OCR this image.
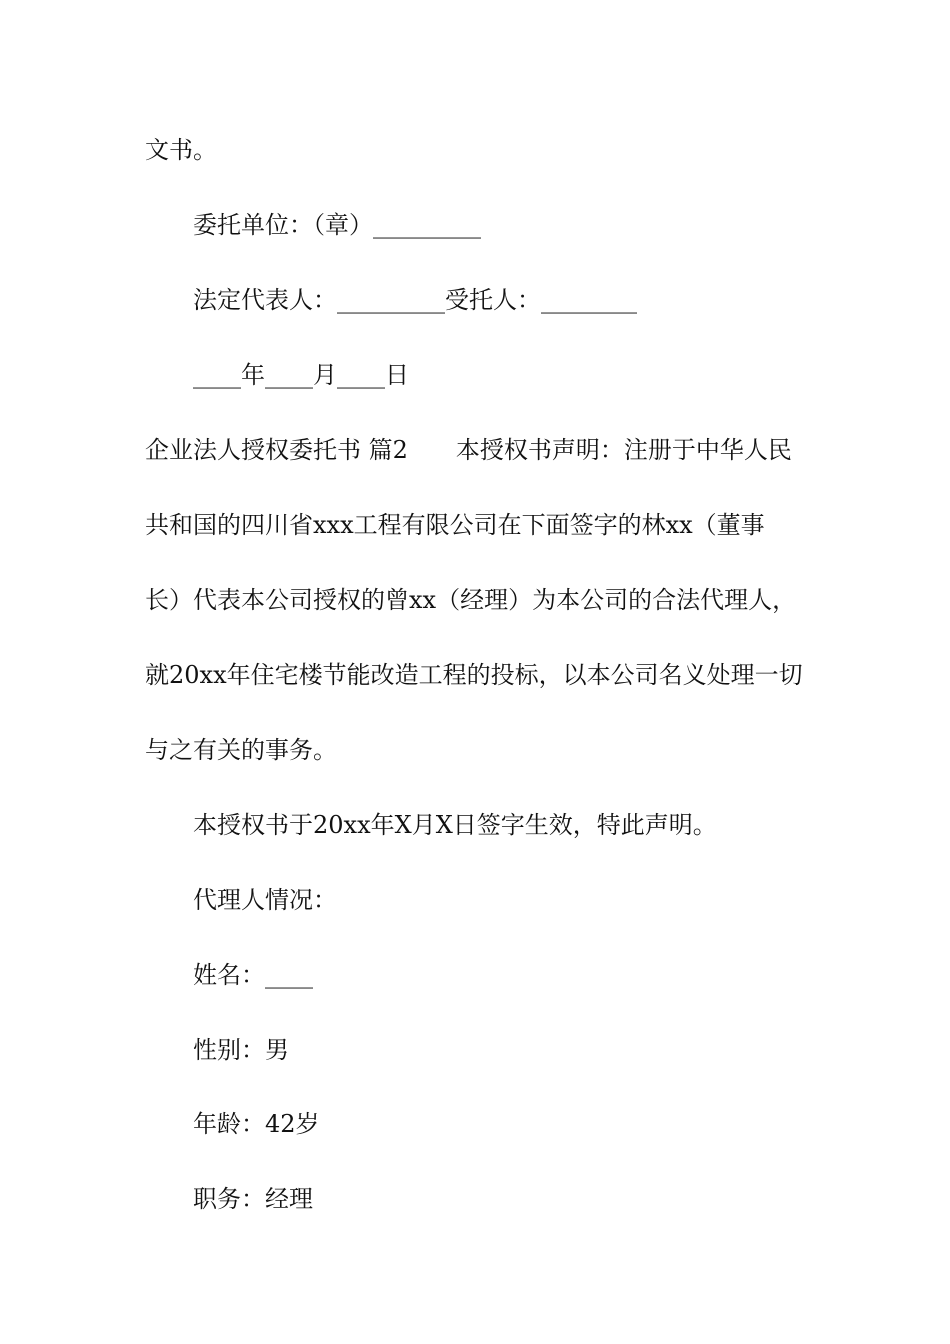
文书。
委托单位：（章）_________
法定代表人：_________受托人：________
____年____月____日
企业法人授权委托书 篇2　　本授权书声明：注册于中华人民
共和国的四川省xxx工程有限公司在下面签字的林xx（董事
长）代表本公司授权的曾xx（经理）为本公司的合法代理人，
就20xx年住宅楼节能改造工程的投标，以本公司名义处理一切
与之有关的事务。
本授权书于20xx年X月X日签字生效，特此声明。
代理人情况：
姓名：____
性别：男
年龄：42岁
职务：经理
